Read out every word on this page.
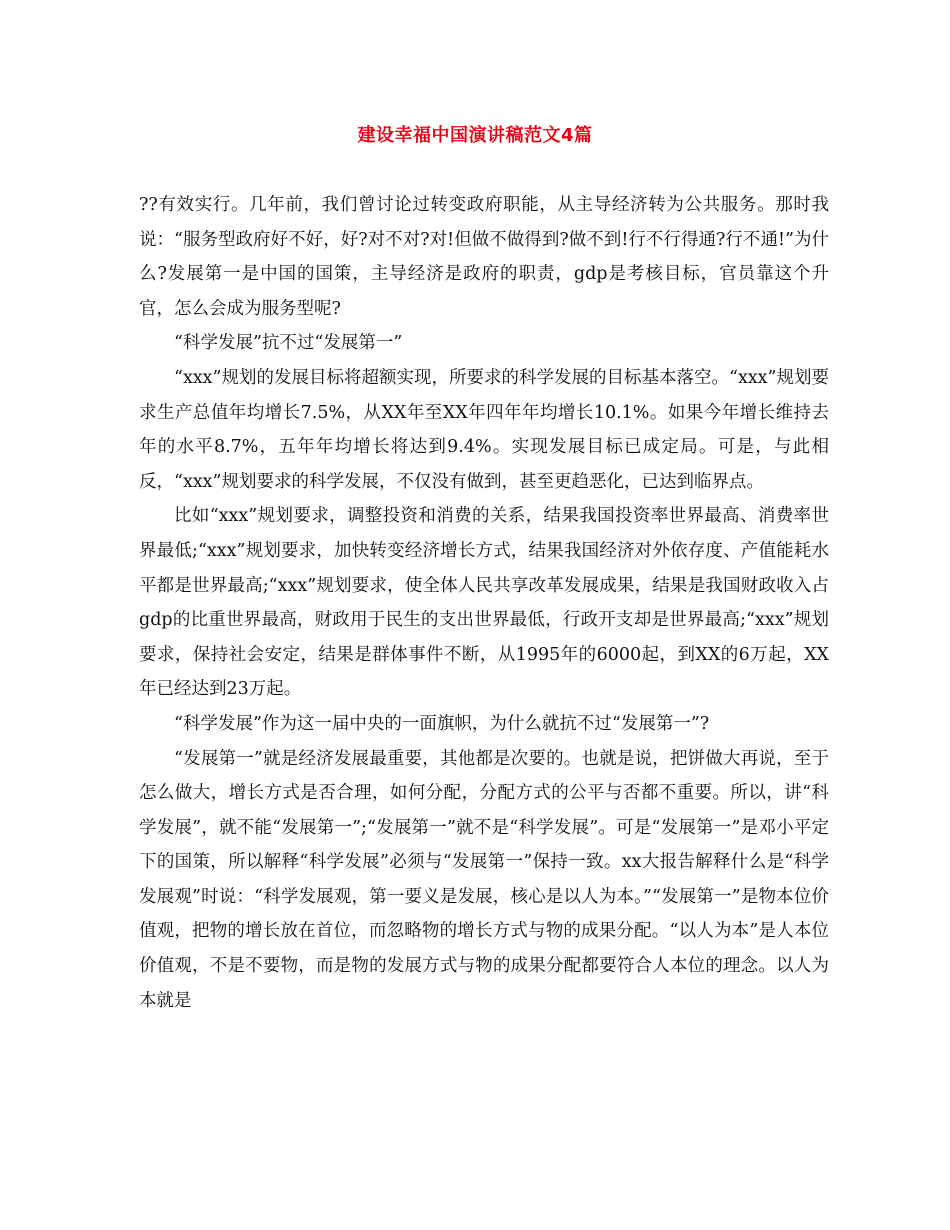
建设幸福中国演讲稿范文4篇

??有效实行。几年前，我们曾讨论过转变政府职能，从主导经济转为公共服务。那时我说：“服务型政府好不好，好?对不对?对!但做不做得到?做不到!行不行得通?行不通!”为什么?发展第一是中国的国策，主导经济是政府的职责，gdp是考核目标，官员靠这个升官，怎么会成为服务型呢?

“科学发展”抗不过“发展第一”

“xxx”规划的发展目标将超额实现，所要求的科学发展的目标基本落空。“xxx”规划要求生产总值年均增长7.5%，从XX年至XX年四年年均增长10.1%。如果今年增长维持去年的水平8.7%，五年年均增长将达到9.4%。实现发展目标已成定局。可是，与此相反，“xxx”规划要求的科学发展，不仅没有做到，甚至更趋恶化，已达到临界点。

比如“xxx”规划要求，调整投资和消费的关系，结果我国投资率世界最高、消费率世界最低;“xxx”规划要求，加快转变经济增长方式，结果我国经济对外依存度、产值能耗水平都是世界最高;“xxx”规划要求，使全体人民共享改革发展成果，结果是我国财政收入占gdp的比重世界最高，财政用于民生的支出世界最低，行政开支却是世界最高;“xxx”规划要求，保持社会安定，结果是群体事件不断，从1995年的6000起，到XX的6万起，XX年已经达到23万起。

“科学发展”作为这一届中央的一面旗帜，为什么就抗不过“发展第一”?

“发展第一”就是经济发展最重要，其他都是次要的。也就是说，把饼做大再说，至于怎么做大，增长方式是否合理，如何分配，分配方式的公平与否都不重要。所以，讲“科学发展”，就不能“发展第一”;“发展第一”就不是“科学发展”。可是“发展第一”是邓小平定下的国策，所以解释“科学发展”必须与“发展第一”保持一致。xx大报告解释什么是“科学发展观”时说：“科学发展观，第一要义是发展，核心是以人为本。”“发展第一”是物本位价值观，把物的增长放在首位，而忽略物的增长方式与物的成果分配。“以人为本”是人本位价值观，不是不要物，而是物的发展方式与物的成果分配都要符合人本位的理念。以人为本就是
